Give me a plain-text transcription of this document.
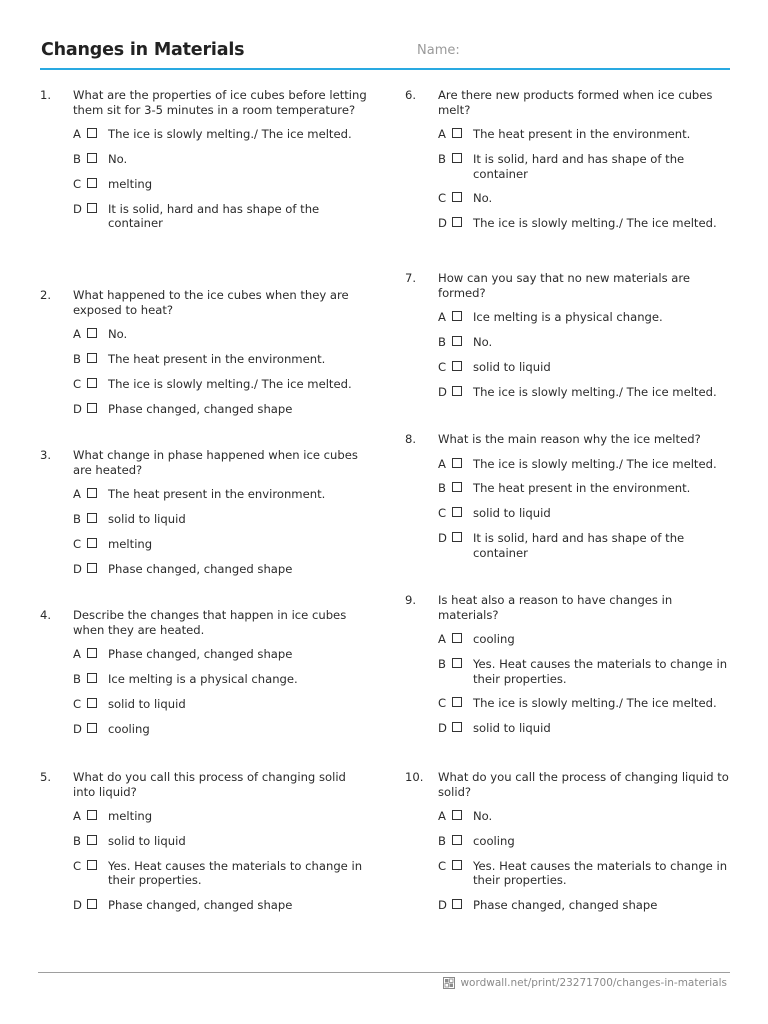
Changes in Materials	Name:
1. What are the properties of ice cubes before letting them sit for 3-5 minutes in a room temperature?
A The ice is slowly melting./ The ice melted.
B No.
C melting
D It is solid, hard and has shape of the container
2. What happened to the ice cubes when they are exposed to heat?
A No.
B The heat present in the environment.
C The ice is slowly melting./ The ice melted.
D Phase changed, changed shape
3. What change in phase happened when ice cubes are heated?
A The heat present in the environment.
B solid to liquid
C melting
D Phase changed, changed shape
4. Describe the changes that happen in ice cubes when they are heated.
A Phase changed, changed shape
B Ice melting is a physical change.
C solid to liquid
D cooling
5. What do you call this process of changing solid into liquid?
A melting
B solid to liquid
C Yes. Heat causes the materials to change in their properties.
D Phase changed, changed shape
6. Are there new products formed when ice cubes melt?
A The heat present in the environment.
B It is solid, hard and has shape of the container
C No.
D The ice is slowly melting./ The ice melted.
7. How can you say that no new materials are formed?
A Ice melting is a physical change.
B No.
C solid to liquid
D The ice is slowly melting./ The ice melted.
8. What is the main reason why the ice melted?
A The ice is slowly melting./ The ice melted.
B The heat present in the environment.
C solid to liquid
D It is solid, hard and has shape of the container
9. Is heat also a reason to have changes in materials?
A cooling
B Yes. Heat causes the materials to change in their properties.
C The ice is slowly melting./ The ice melted.
D solid to liquid
10. What do you call the process of changing liquid to solid?
A No.
B cooling
C Yes. Heat causes the materials to change in their properties.
D Phase changed, changed shape
wordwall.net/print/23271700/changes-in-materials
